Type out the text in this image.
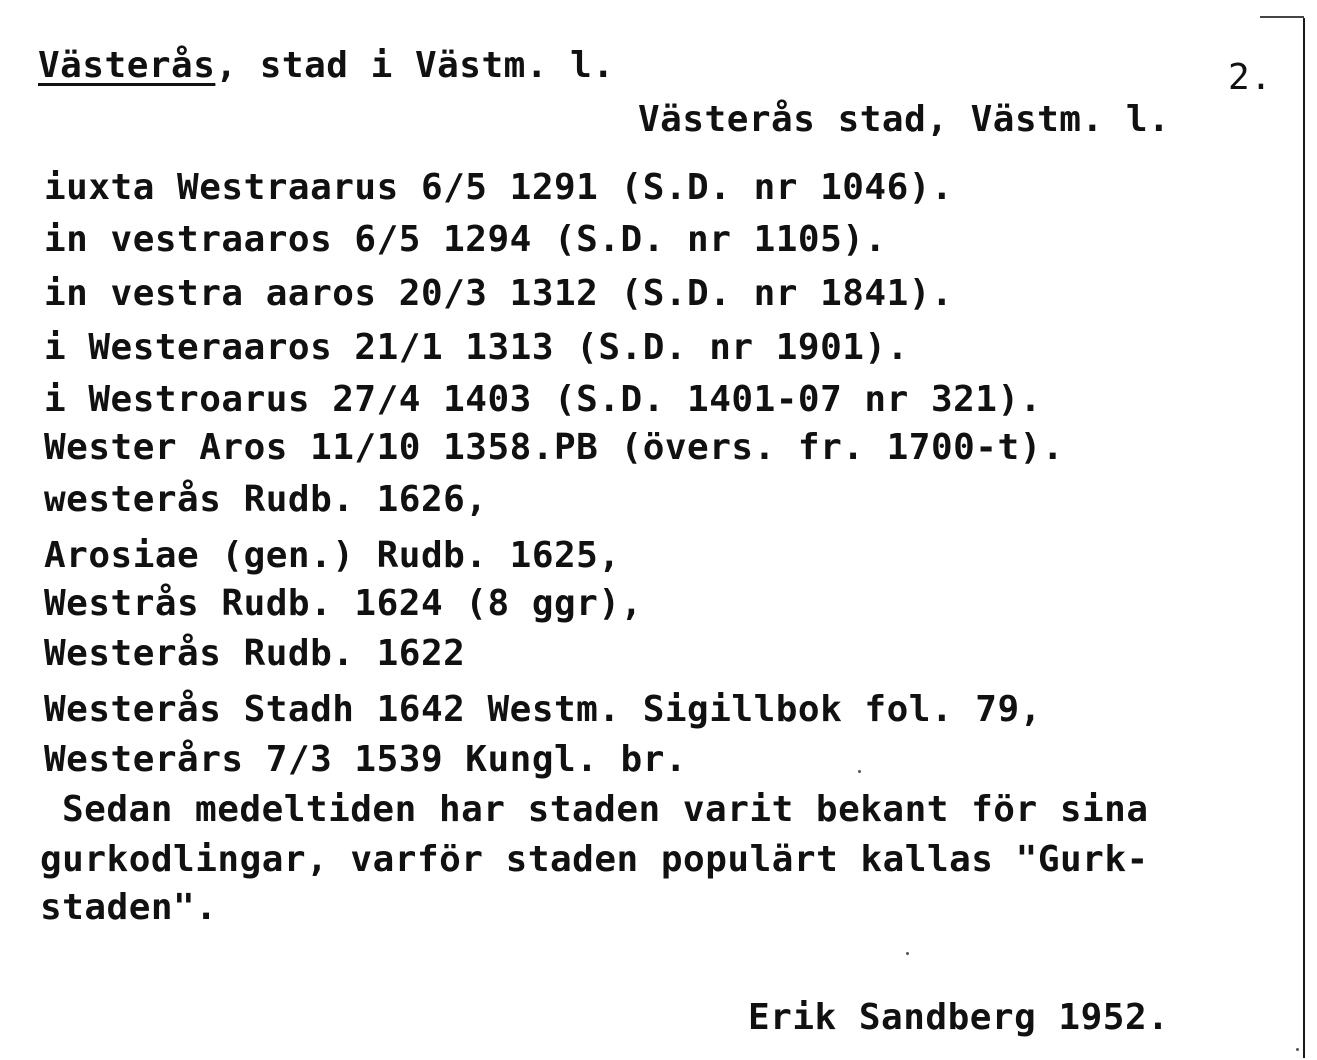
Västerås, stad i Västm. l.	2.
Västerås stad, Västm. l.
iuxta Westraarus 6/5 1291 (S.D. nr 1046).
in vestraaros 6/5 1294 (S.D. nr 1105).
in vestra aaros 20/3 1312 (S.D. nr 1841).
i Westeraaros 21/1 1313 (S.D. nr 1901).
i Westroarus 27/4 1403 (S.D. 1401-07 nr 321).
Wester Aros 11/10 1358.PB (övers. fr. 1700-t).
westerås Rudb. 1626,
Arosiae (gen.) Rudb. 1625,
Westrås Rudb. 1624 (8 ggr),
Westerås Rudb. 1622
Westerås Stadh 1642 Westm. Sigillbok fol. 79,
Westerårs 7/3 1539 Kungl. br.
Sedan medeltiden har staden varit bekant för sina
gurkodlingar, varför staden populärt kallas "Gurk-
staden".
Erik Sandberg 1952.
